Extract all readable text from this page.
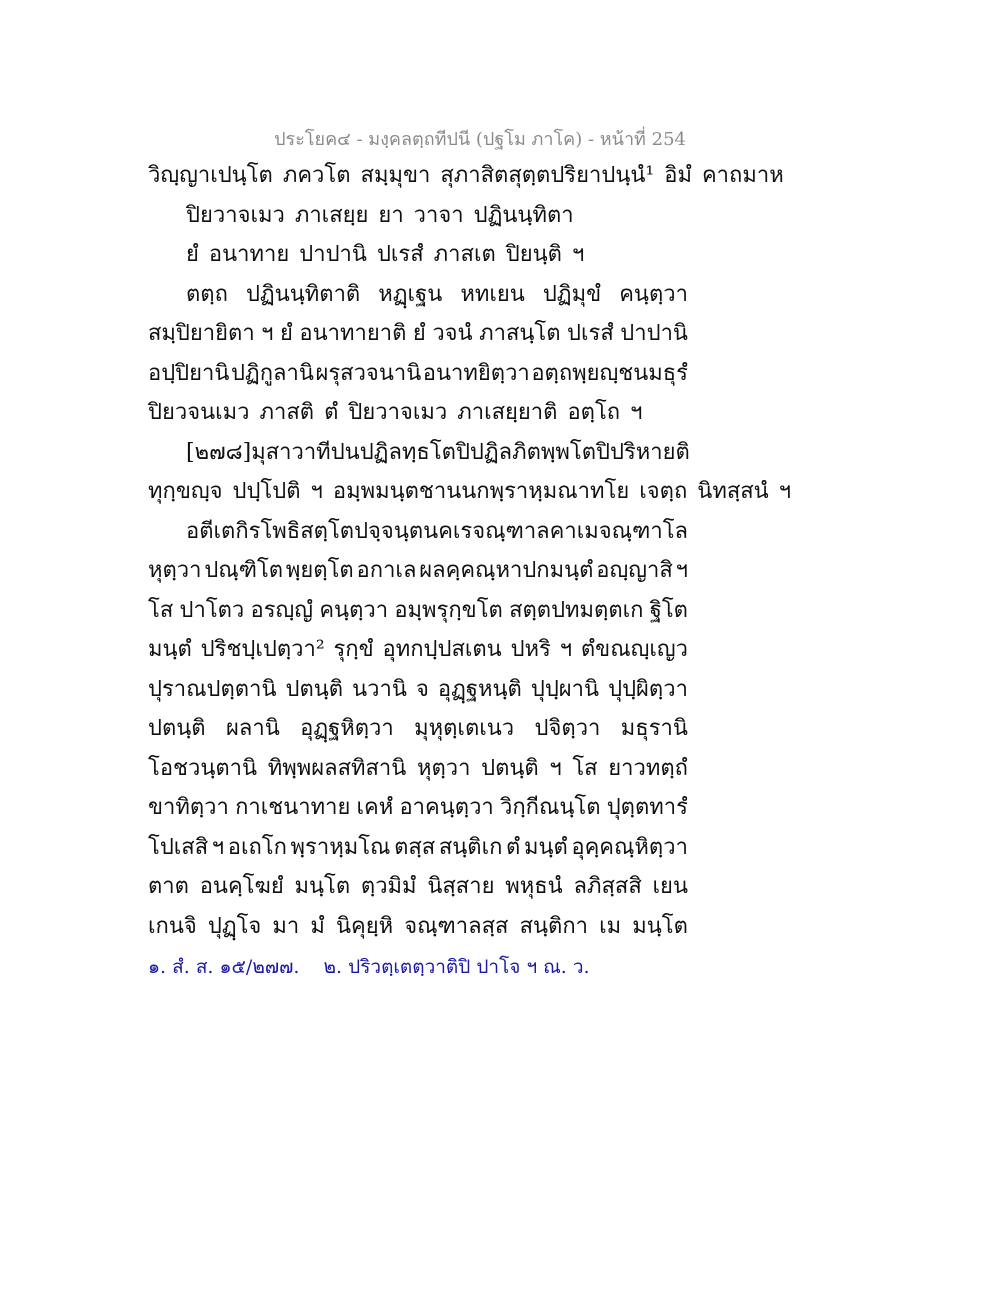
ประโยค๔ - มงฺคลตฺถทีปนี (ปฐโม ภาโค) - หน้าที่ 254
วิญฺญาเปนฺโต ภควโต สมฺมุขา สุภาสิตสุตฺตปริยาปนฺนํ¹ อิมํ คาถมาห
ปิยวาจเมว ภาเสยฺย ยา วาจา ปฏินนฺทิตา
ยํ อนาทาย ปาปานิ ปเรสํ ภาสเต ปิยนฺติ ฯ
ตตฺถ ปฏินนฺทิตาติ หฏฺเฐน หทเยน ปฏิมุขํ คนฺตฺวา
สมฺปิยายิตา ฯ ยํ อนาทายาติ ยํ วจนํ ภาสนฺโต ปเรสํ ปาปานิ
อปฺปิยานิ ปฏิกูลานิ ผรุสวจนานิ อนาทยิตฺวา อตฺถพฺยญฺชนมธุรํ
ปิยวจนเมว ภาสติ ตํ ปิยวาจเมว ภาเสยฺยาติ อตฺโถ ฯ
[๒๗๘] มุสาวาที ปน ปฏิลทฺธโตปิ ปฏิลภิตพฺพโตปิ ปริหายติ
ทุกฺขญฺจ ปปฺโปติ ฯ อมฺพมนฺตชานนกพฺราหฺมณาทโย เจตฺถ นิทสฺสนํ ฯ
อตีเต กิร โพธิสตฺโต ปจฺจนฺตนคเร จณฺฑาลคาเม จณฺฑาโล
หุตฺวา ปณฺฑิโต พฺยตฺโต อกาเล ผลคฺคณฺหาปกมนฺตํ อญฺญาสิ ฯ
โส ปาโตว อรญฺญํ คนฺตฺวา อมฺพรุกฺขโต สตฺตปทมตฺตเก ฐิโต
มนฺตํ ปริชปฺเปตฺวา² รุกฺขํ อุทกปฺปสเตน ปหริ ฯ ตํขณญฺเญว
ปุราณปตฺตานิ ปตนฺติ นวานิ จ อุฏฺฐหนฺติ ปุปฺผานิ ปุปฺผิตฺวา
ปตนฺติ ผลานิ อุฏฺฐหิตฺวา มุหุตฺเตเนว ปจิตฺวา มธุรานิ
โอชวนฺตานิ ทิพฺพผลสทิสานิ หุตฺวา ปตนฺติ ฯ โส ยาวทตฺถํ
ขาทิตฺวา กาเชนาทาย เคหํ อาคนฺตฺวา วิกฺกีณนฺโต ปุตฺตทารํ
โปเสสิ ฯ อเถโก พฺราหฺมโณ ตสฺส สนฺติเก ตํ มนฺตํ อุคฺคณฺหิตฺวา
ตาต อนคฺโฆยํ มนฺโต ตฺวมิมํ นิสฺสาย พหุธนํ ลภิสฺสสิ เยน
เกนจิ ปุฏฺโจ มา มํ นิคุยฺหิ จณฺฑาลสฺส สนฺติกา เม มนฺโต
๑. สํ. ส. ๑๕/๒๗๗. ๒. ปริวตฺเตตฺวาติปิ ปาโจ ฯ ณ. ว.
